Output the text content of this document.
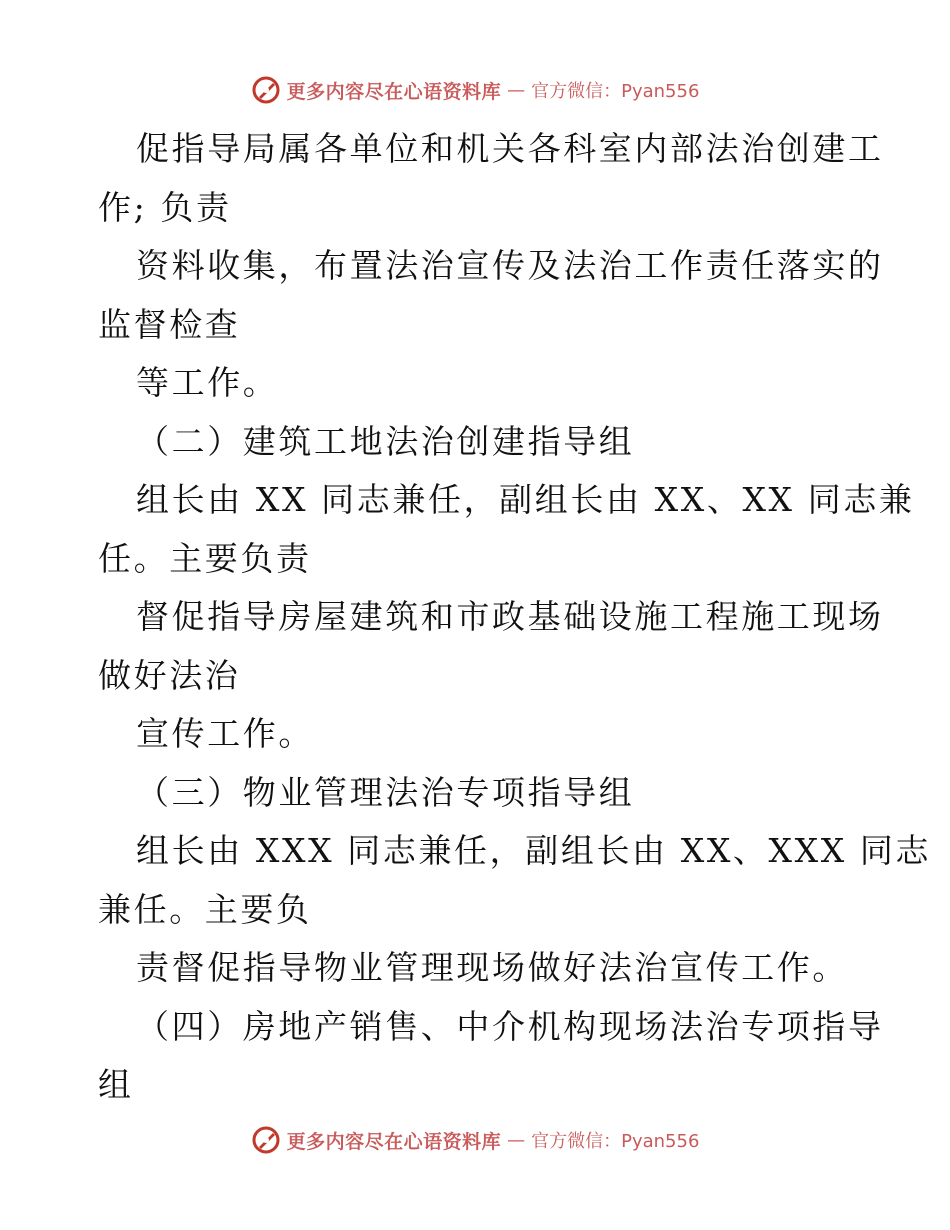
更多内容尽在心语资料库 — 官方微信：Pyan556
促指导局属各单位和机关各科室内部法治创建工
作; 负责
资料收集，布置法治宣传及法治工作责任落实的
监督检查
等工作。
（二）建筑工地法治创建指导组
组长由 XX 同志兼任，副组长由 XX、XX 同志兼
任。主要负责
督促指导房屋建筑和市政基础设施工程施工现场
做好法治
宣传工作。
（三）物业管理法治专项指导组
组长由 XXX 同志兼任，副组长由 XX、XXX 同志
兼任。主要负
责督促指导物业管理现场做好法治宣传工作。
（四）房地产销售、中介机构现场法治专项指导
组
更多内容尽在心语资料库 — 官方微信：Pyan556
